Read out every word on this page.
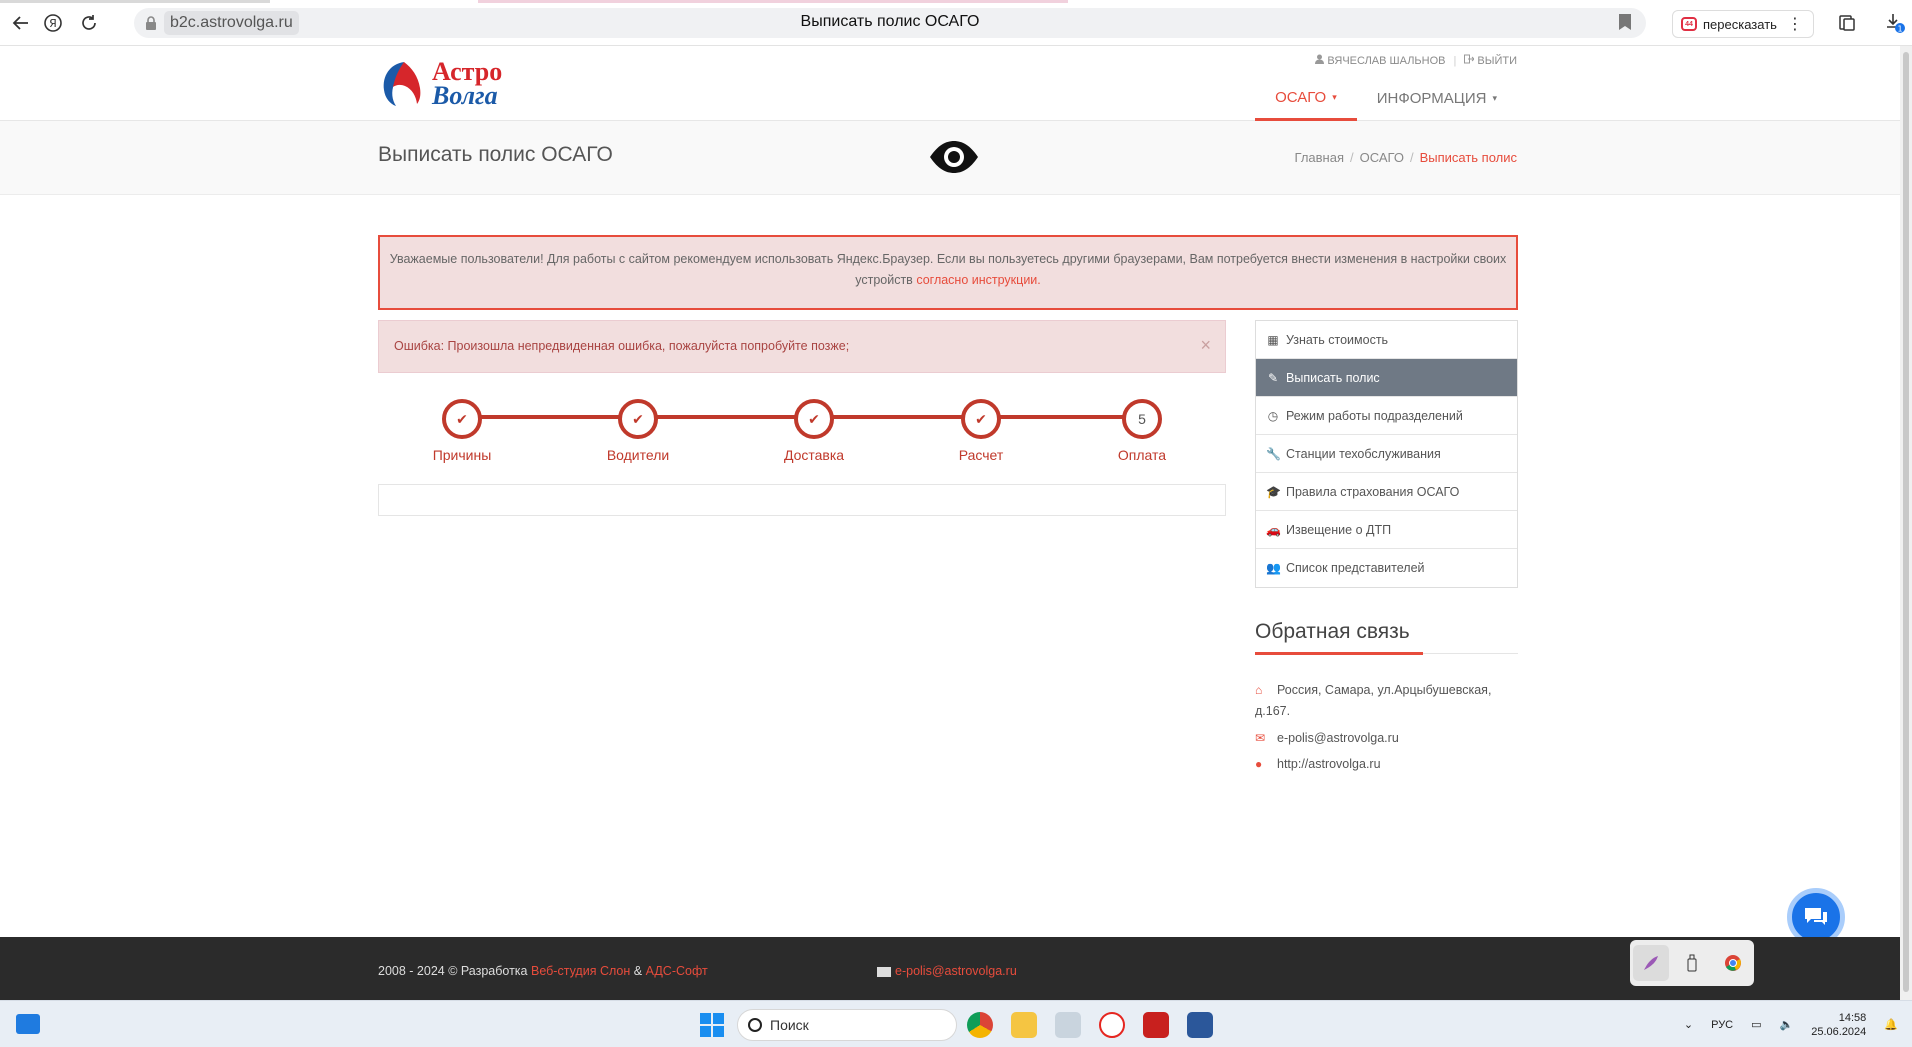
Я	b2c.astrovolga.ru	Выписать полис ОСАГО	44 пересказать ⋮	1
Астро
Волга
ВЯЧЕСЛАВ ШАЛЬНОВ |	ВЫЙТИ
ОСАГО ▾	ИНФОРМАЦИЯ ▾
Выписать полис ОСАГО	Главная / ОСАГО / Выписать полис
Уважаемые пользователи! Для работы с сайтом рекомендуем использовать Яндекс.Браузер. Если вы пользуетесь другими браузерами, Вам потребуется внести изменения в настройки своих устройств согласно инструкции.
Ошибка: Произошла непредвиденная ошибка, пожалуйста попробуйте позже;	×
✔
Причины
✔
Водители
✔
Доставка
✔
Расчет
5
Оплата
▦ Узнать стоимость
✎ Выписать полис
◷ Режим работы подразделений
🔧 Станции техобслуживания
🎓 Правила страхования ОСАГО
🚗 Извещение о ДТП
👥 Список представителей
Обратная связь
⌂ Россия, Самара, ул.Арцыбушевская, д.167.
✉ e-polis@astrovolga.ru
● http://astrovolga.ru
2008 - 2024 © Разработка Веб-студия Слон & АДС-Софт	e-polis@astrovolga.ru
Поиск	⌄ РУС ▭ 🔈
14:58
25.06.2024
🔔
